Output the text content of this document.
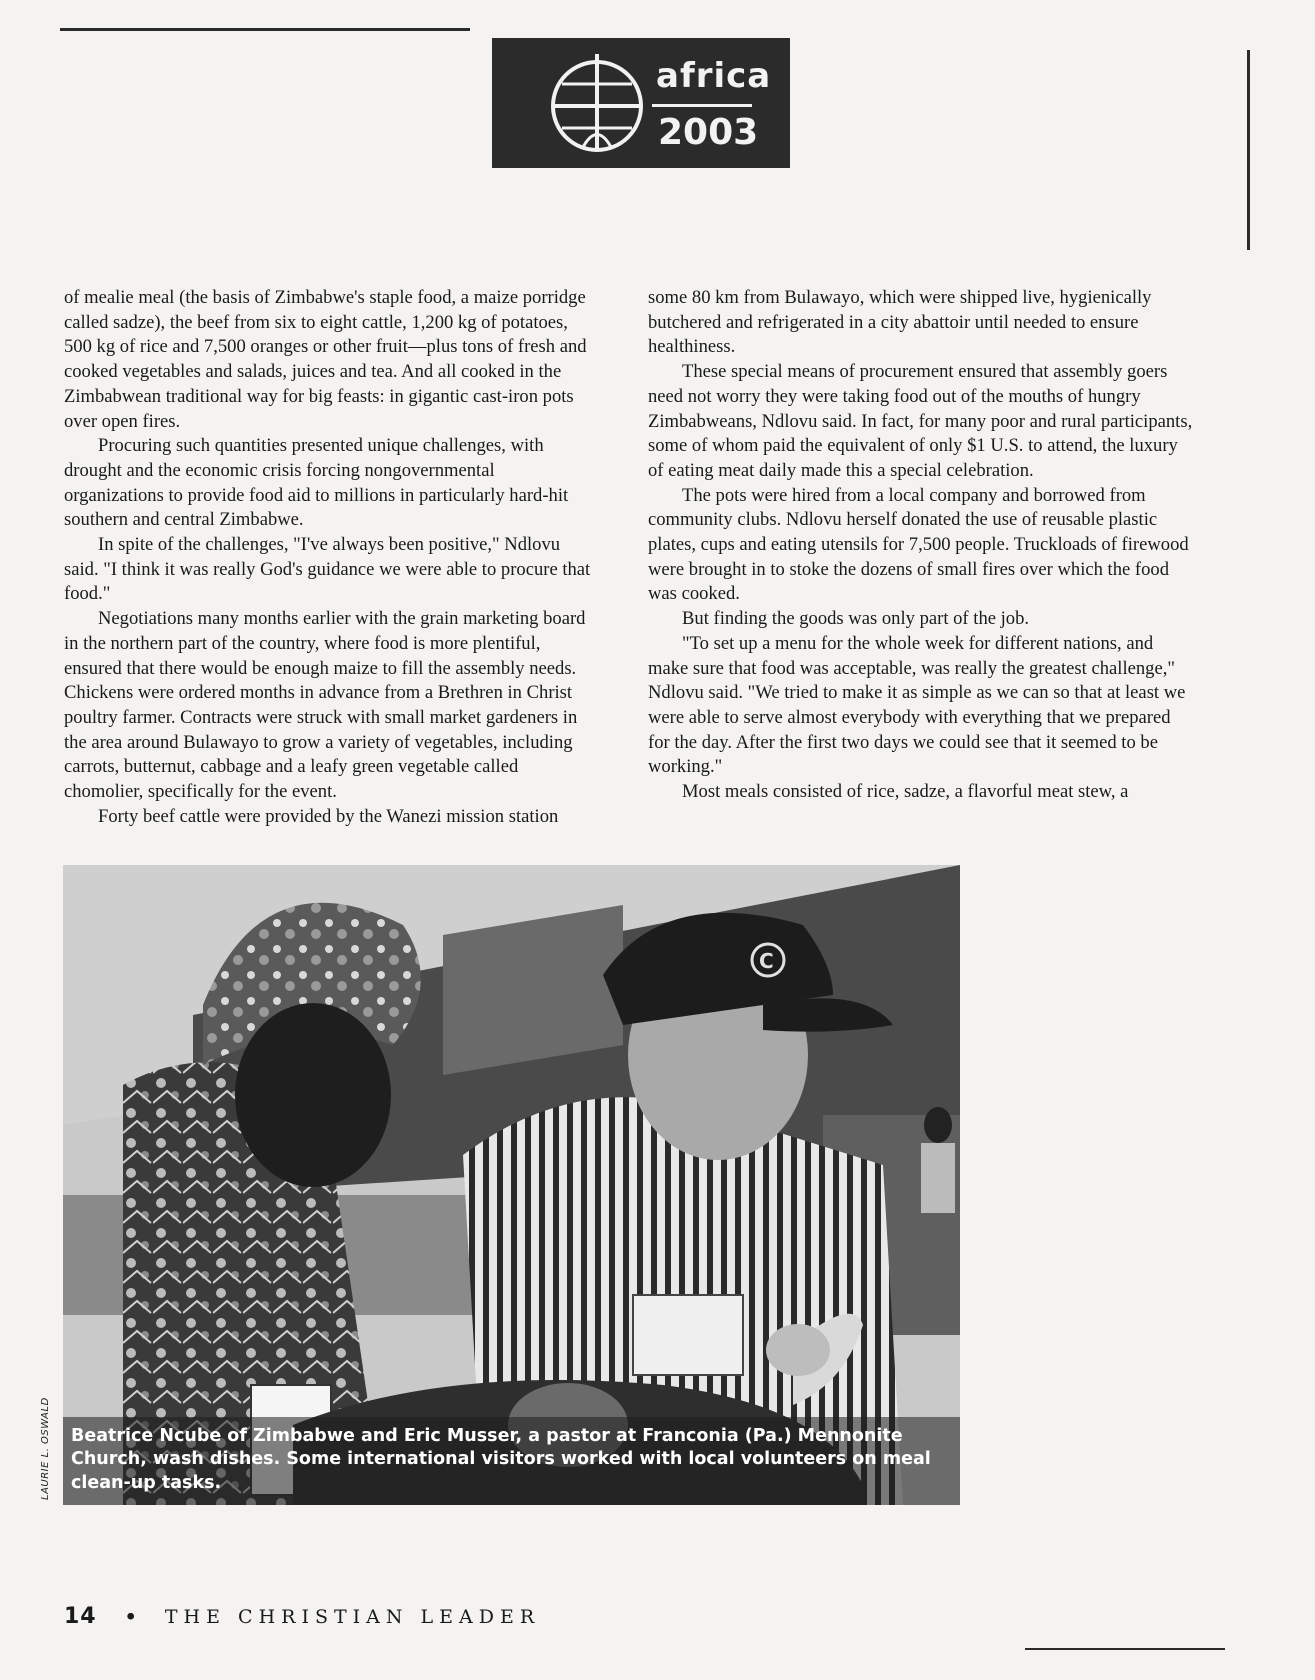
africa
2003

of mealie meal (the basis of Zimbabwe's staple food, a maize porridge called sadze), the beef from six to eight cattle, 1,200 kg of potatoes, 500 kg of rice and 7,500 oranges or other fruit—plus tons of fresh and cooked vegetables and salads, juices and tea. And all cooked in the Zimbabwean traditional way for big feasts: in gigantic cast-iron pots over open fires.

Procuring such quantities presented unique challenges, with drought and the economic crisis forcing nongovernmental organizations to provide food aid to millions in particularly hard-hit southern and central Zimbabwe.

In spite of the challenges, "I've always been positive," Ndlovu said. "I think it was really God's guidance we were able to procure that food."

Negotiations many months earlier with the grain marketing board in the northern part of the country, where food is more plentiful, ensured that there would be enough maize to fill the assembly needs. Chickens were ordered months in advance from a Brethren in Christ poultry farmer. Contracts were struck with small market gardeners in the area around Bulawayo to grow a variety of vegetables, including carrots, butternut, cabbage and a leafy green vegetable called chomolier, specifically for the event.

Forty beef cattle were provided by the Wanezi mission station

some 80 km from Bulawayo, which were shipped live, hygienically butchered and refrigerated in a city abattoir until needed to ensure healthiness.

These special means of procurement ensured that assembly goers need not worry they were taking food out of the mouths of hungry Zimbabweans, Ndlovu said. In fact, for many poor and rural participants, some of whom paid the equivalent of only $1 U.S. to attend, the luxury of eating meat daily made this a special celebration.

The pots were hired from a local company and borrowed from community clubs. Ndlovu herself donated the use of reusable plastic plates, cups and eating utensils for 7,500 people. Truckloads of firewood were brought in to stoke the dozens of small fires over which the food was cooked.

But finding the goods was only part of the job.

"To set up a menu for the whole week for different nations, and make sure that food was acceptable, was really the greatest challenge," Ndlovu said. "We tried to make it as simple as we can so that at least we were able to serve almost everybody with everything that we prepared for the day. After the first two days we could see that it seemed to be working."

Most meals consisted of rice, sadze, a flavorful meat stew, a

C
Beatrice Ncube of Zimbabwe and Eric Musser, a pastor at Franconia (Pa.) Mennonite Church, wash dishes. Some international visitors worked with local volunteers on meal clean-up tasks.
LAURIE L. OSWALD
14 • THE CHRISTIAN LEADER
